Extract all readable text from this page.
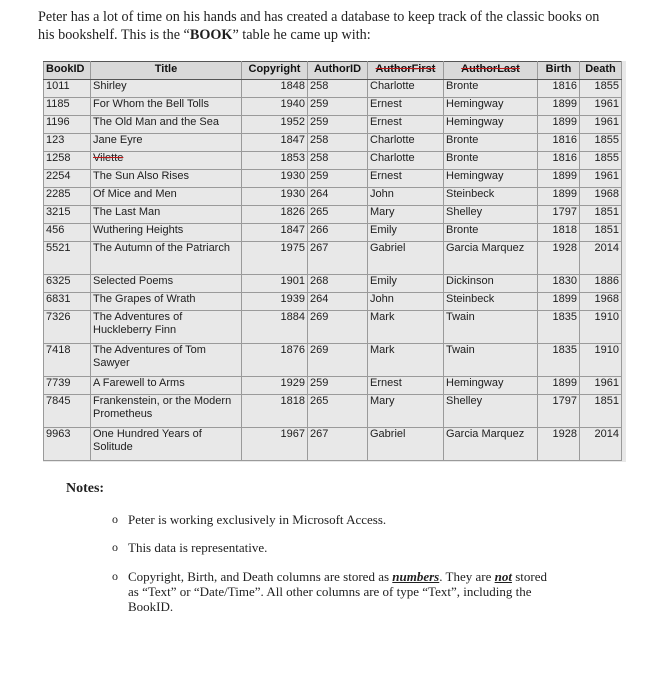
Peter has a lot of time on his hands and has created a database to keep track of the classic books on his bookshelf. This is the “BOOK” table he came up with:
BookID	Title	Copyright	AuthorID	AuthorFirst	AuthorLast	Birth	Death
1011	Shirley	1848	258	Charlotte	Bronte	1816	1855
1185	For Whom the Bell Tolls	1940	259	Ernest	Hemingway	1899	1961
1196	The Old Man and the Sea	1952	259	Ernest	Hemingway	1899	1961
123	Jane Eyre	1847	258	Charlotte	Bronte	1816	1855
1258	Vilette	1853	258	Charlotte	Bronte	1816	1855
2254	The Sun Also Rises	1930	259	Ernest	Hemingway	1899	1961
2285	Of Mice and Men	1930	264	John	Steinbeck	1899	1968
3215	The Last Man	1826	265	Mary	Shelley	1797	1851
456	Wuthering Heights	1847	266	Emily	Bronte	1818	1851
5521	The Autumn of the Patriarch	1975	267	Gabriel	Garcia Marquez	1928	2014
6325	Selected Poems	1901	268	Emily	Dickinson	1830	1886
6831	The Grapes of Wrath	1939	264	John	Steinbeck	1899	1968
7326	The Adventures of Huckleberry Finn	1884	269	Mark	Twain	1835	1910
7418	The Adventures of Tom Sawyer	1876	269	Mark	Twain	1835	1910
7739	A Farewell to Arms	1929	259	Ernest	Hemingway	1899	1961
7845	Frankenstein, or the Modern Prometheus	1818	265	Mary	Shelley	1797	1851
9963	One Hundred Years of Solitude	1967	267	Gabriel	Garcia Marquez	1928	2014
Notes:
o Peter is working exclusively in Microsoft Access.
o This data is representative.
o Copyright, Birth, and Death columns are stored as numbers. They are not stored as “Text” or “Date/Time”. All other columns are of type “Text”, including the BookID.
